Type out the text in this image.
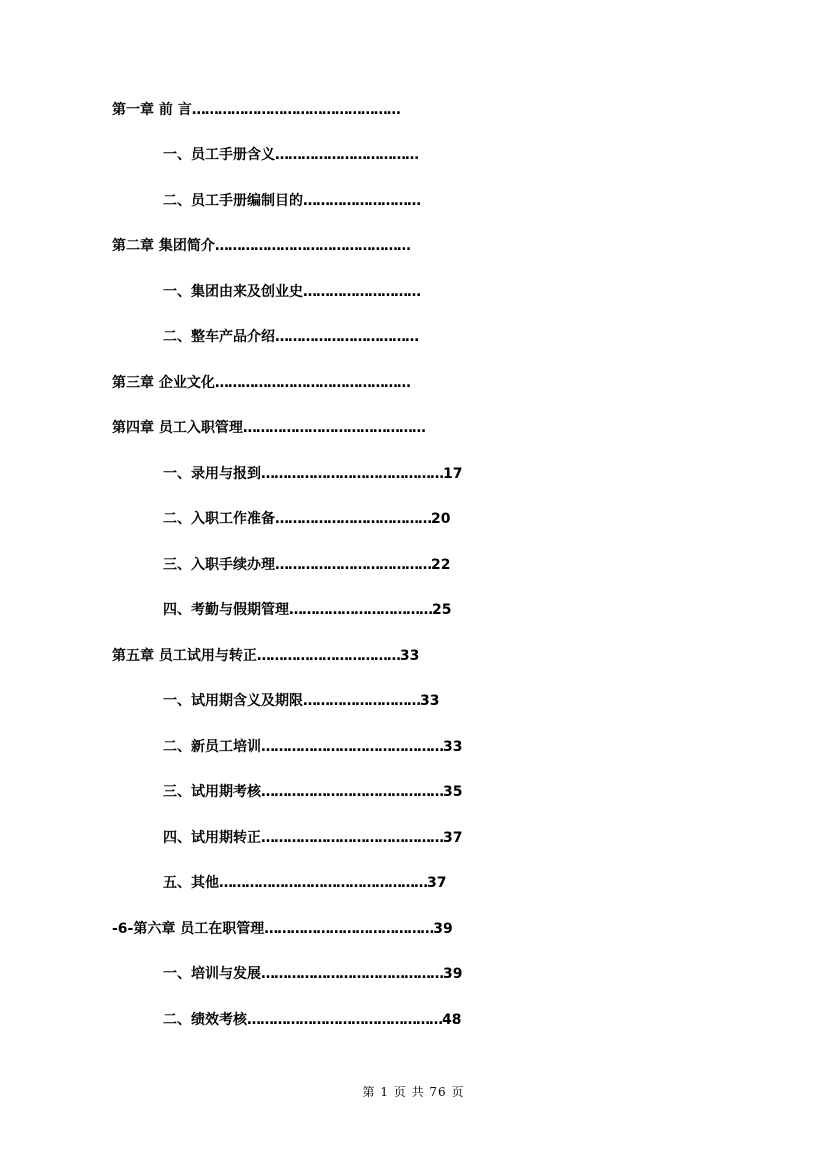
第一章 前 言 …………………………………………
一、员工手册含义 ……………………………
二、员工手册编制目的 ………………………
第二章 集团简介 ………………………………………
一、集团由来及创业史 ………………………
二、整车产品介绍 ……………………………
第三章 企业文化 ………………………………………
第四章 员工入职管理 ……………………………………
一、录用与报到 …………………………………… 17
二、入职工作准备 ……………………………… 20
三、入职手续办理 ……………………………… 22
四、考勤与假期管理 …………………………… 25
第五章 员工试用与转正 …………………………… 33
一、试用期含义及期限 ……………………… 33
二、新员工培训 …………………………………… 33
三、试用期考核 …………………………………… 35
四、试用期转正 …………………………………… 37
五、其他 ………………………………………… 37
-6-第六章 员工在职管理 ………………………………… 39
一、培训与发展 …………………………………… 39
二、绩效考核 ……………………………………… 48
第 1 页 共 76 页
